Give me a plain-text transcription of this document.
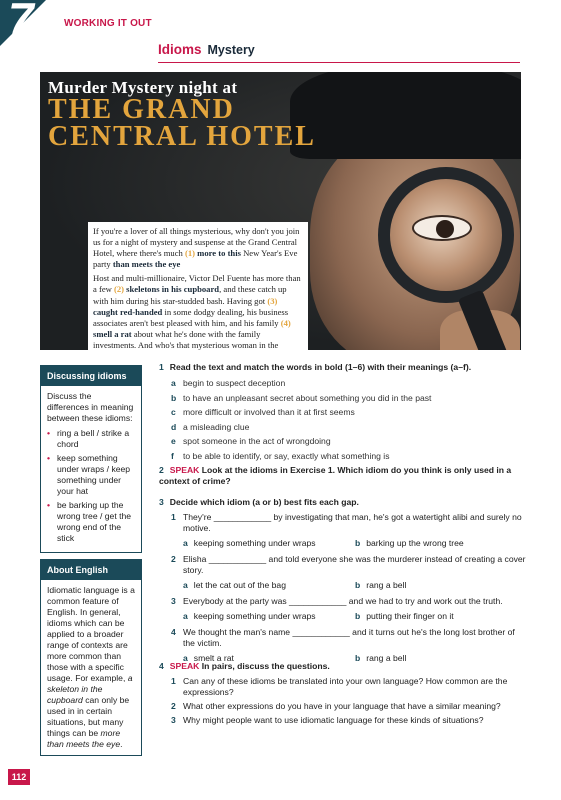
WORKING IT OUT
7
Idioms Mystery
Murder Mystery night at
THE GRAND
CENTRAL HOTEL

If you're a lover of all things mysterious, why don't you join us for a night of mystery and suspense at the Grand Central Hotel, where there's much (1) more to this New Year's Eve party than meets the eye

Host and multi-millionaire, Victor Del Fuente has more than a few (2) skeletons in his cupboard, and these catch up with him during his star-studded bash. Having got (3) caught red-handed in some dodgy dealing, his business associates aren't best pleased with him, and his family (4) smell a rat about what he's done with the family investments. And who's that mysterious woman in the

Discussing idioms
Discuss the differences in meaning between these idioms:
• ring a bell / strike a chord
• keep something under wraps / keep something under your hat
• be barking up the wrong tree / get the wrong end of the stick
About English
Idiomatic language is a common feature of English. In general, idioms which can be applied to a broader range of contexts are more common than those with a specific usage. For example, a skeleton in the cupboard can only be used in in certain situations, but many things can be more than meets the eye.
1 Read the text and match the words in bold (1–6) with their meanings (a–f).
a begin to suspect deception
b to have an unpleasant secret about something you did in the past
c more difficult or involved than it at first seems
d a misleading clue
e spot someone in the act of wrongdoing
f to be able to identify, or say, exactly what something is
2 SPEAK Look at the idioms in Exercise 1. Which idiom do you think is only used in a context of crime?
3 Decide which idiom (a or b) best fits each gap.
1 They're ____________ by investigating that man, he's got a watertight alibi and surely no motive.
a keeping something under wraps	b barking up the wrong tree
2 Elisha ____________ and told everyone she was the murderer instead of creating a cover story.
a let the cat out of the bag	b rang a bell
3 Everybody at the party was ____________ and we had to try and work out the truth.
a keeping something under wraps	b putting their finger on it
4 We thought the man's name ____________ and it turns out he's the long lost brother of the victim.
a smelt a rat	b rang a bell
4 SPEAK In pairs, discuss the questions.
1 Can any of these idioms be translated into your own language? How common are the expressions?
2 What other expressions do you have in your language that have a similar meaning?
3 Why might people want to use idiomatic language for these kinds of situations?
112
